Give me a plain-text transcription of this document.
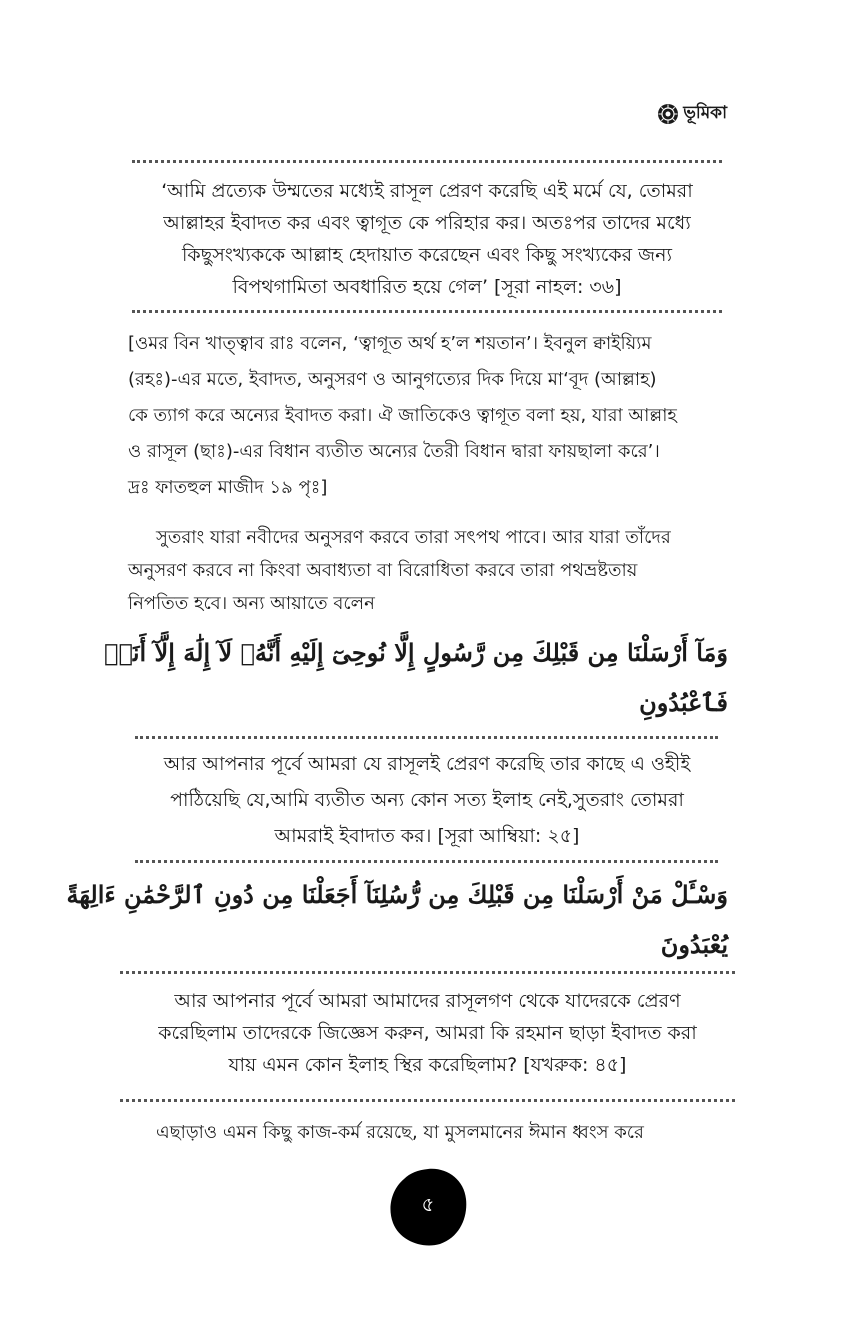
ভূমিকা
‘আমি প্রত্যেক উম্মতের মধ্যেই রাসূল প্রেরণ করেছি এই মর্মে যে, তোমরা
আল্লাহর ইবাদত কর এবং ত্বাগূত কে পরিহার কর। অতঃপর তাদের মধ্যে
কিছুসংখ্যককে আল্লাহ হেদায়াত করেছেন এবং কিছু সংখ্যকের জন্য
বিপথগামিতা অবধারিত হয়ে গেল’ [সূরা নাহল: ৩৬]
[ওমর বিন খাত্ত্বাব রাঃ বলেন, ‘ত্বাগূত অর্থ হ’ল শয়তান’। ইবনুল ক্বাইয়্যিম
(রহঃ)-এর মতে, ইবাদত, অনুসরণ ও আনুগত্যের দিক দিয়ে মা‘বূদ (আল্লাহ)
কে ত্যাগ করে অন্যের ইবাদত করা। ঐ জাতিকেও ত্বাগূত বলা হয়, যারা আল্লাহ
ও রাসূল (ছাঃ)-এর বিধান ব্যতীত অন্যের তৈরী বিধান দ্বারা ফায়ছালা করে’।
দ্রঃ ফাতহুল মাজীদ ১৯ পৃঃ]
সুতরাং যারা নবীদের অনুসরণ করবে তারা সৎপথ পাবে। আর যারা তাঁদের
অনুসরণ করবে না কিংবা অবাধ্যতা বা বিরোধিতা করবে তারা পথভ্রষ্টতায়
নিপতিত হবে। অন্য আয়াতে বলেন
وَمَآ أَرْسَلْنَا مِن قَبْلِكَ مِن رَّسُولٍ إِلَّا نُوحِىٓ إِلَيْهِ أَنَّهُۥ لَآ إِلَٰهَ إِلَّآ أَنَا۠
فَٱعْبُدُونِ
আর আপনার পূর্বে আমরা যে রাসূলই প্রেরণ করেছি তার কাছে এ ওহীই
পাঠিয়েছি যে,আমি ব্যতীত অন্য কোন সত্য ইলাহ নেই,সুতরাং তোমরা
আমরাই ইবাদাত কর। [সূরা আম্বিয়া: ২৫]
وَسْـَٔلْ مَنْ أَرْسَلْنَا مِن قَبْلِكَ مِن رُّسُلِنَآ أَجَعَلْنَا مِن دُونِ ٱلرَّحْمَٰنِ ءَالِهَةً
يُعْبَدُونَ
আর আপনার পূর্বে আমরা আমাদের রাসূলগণ থেকে যাদেরকে প্রেরণ
করেছিলাম তাদেরকে জিজ্ঞেস করুন, আমরা কি রহমান ছাড়া ইবাদত করা
যায় এমন কোন ইলাহ স্থির করেছিলাম? [যখরুক: ৪৫]
এছাড়াও এমন কিছু কাজ-কর্ম রয়েছে, যা মুসলমানের ঈমান ধ্বংস করে
৫
